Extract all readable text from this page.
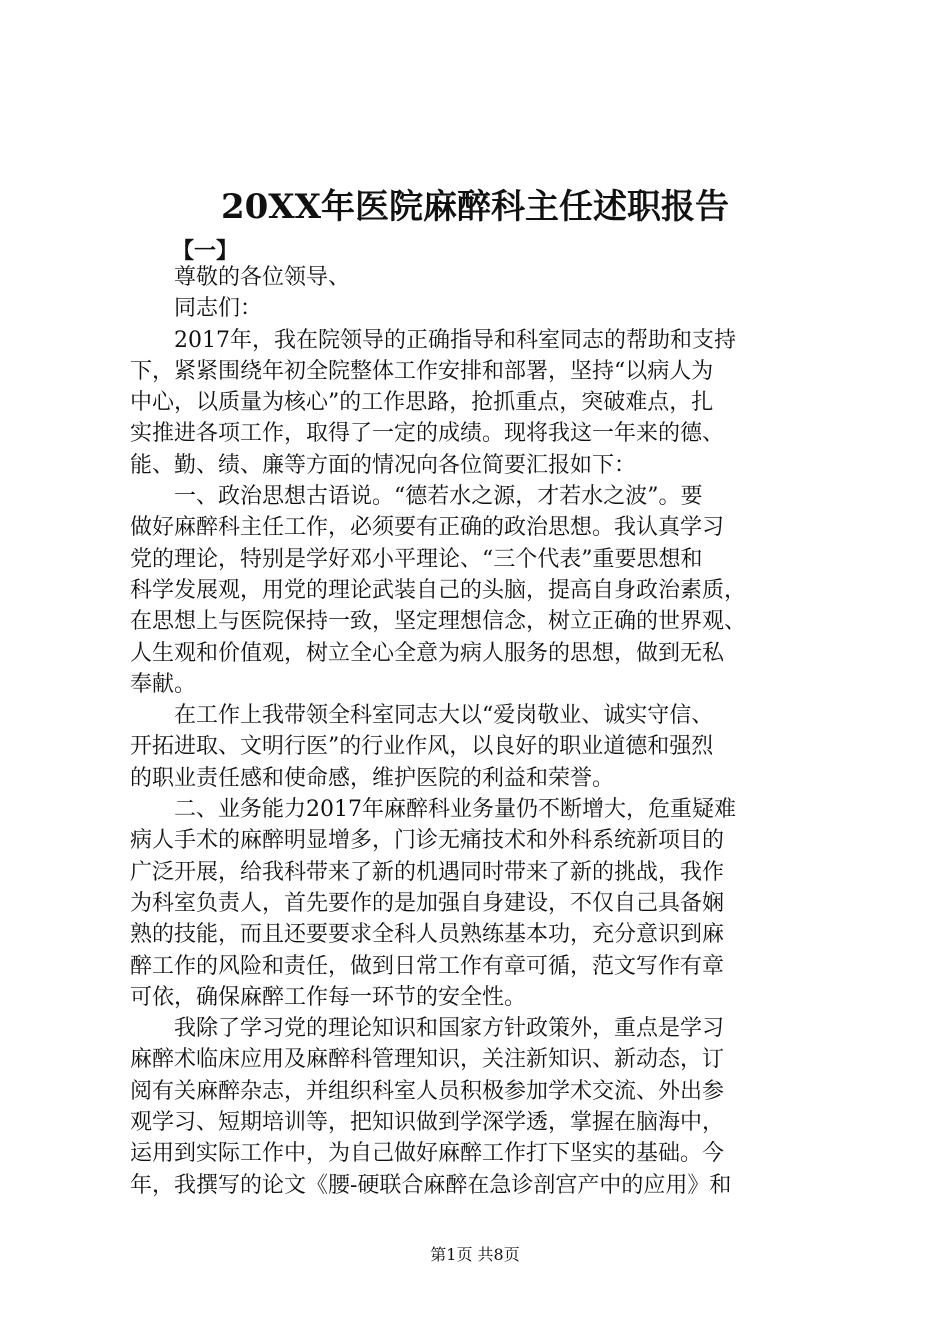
20XX年医院麻醉科主任述职报告
【一】
尊敬的各位领导、
同志们：
2017年，我在院领导的正确指导和科室同志的帮助和支持
下，紧紧围绕年初全院整体工作安排和部署，坚持“以病人为
中心，以质量为核心”的工作思路，抢抓重点，突破难点，扎
实推进各项工作，取得了一定的成绩。现将我这一年来的德、
能、勤、绩、廉等方面的情况向各位简要汇报如下：
一、政治思想古语说。“德若水之源，才若水之波”。要
做好麻醉科主任工作，必须要有正确的政治思想。我认真学习
党的理论，特别是学好邓小平理论、“三个代表”重要思想和
科学发展观，用党的理论武装自己的头脑，提高自身政治素质，
在思想上与医院保持一致，坚定理想信念，树立正确的世界观、
人生观和价值观，树立全心全意为病人服务的思想，做到无私
奉献。
在工作上我带领全科室同志大以“爱岗敬业、诚实守信、
开拓进取、文明行医”的行业作风，以良好的职业道德和强烈
的职业责任感和使命感，维护医院的利益和荣誉。
二、业务能力2017年麻醉科业务量仍不断增大，危重疑难
病人手术的麻醉明显增多，门诊无痛技术和外科系统新项目的
广泛开展，给我科带来了新的机遇同时带来了新的挑战，我作
为科室负责人，首先要作的是加强自身建设，不仅自己具备娴
熟的技能，而且还要要求全科人员熟练基本功，充分意识到麻
醉工作的风险和责任，做到日常工作有章可循，范文写作有章
可依，确保麻醉工作每一环节的安全性。
我除了学习党的理论知识和国家方针政策外，重点是学习
麻醉术临床应用及麻醉科管理知识，关注新知识、新动态，订
阅有关麻醉杂志，并组织科室人员积极参加学术交流、外出参
观学习、短期培训等，把知识做到学深学透，掌握在脑海中，
运用到实际工作中，为自己做好麻醉工作打下坚实的基础。今
年，我撰写的论文《腰-硬联合麻醉在急诊剖宫产中的应用》和
第1页 共8页
